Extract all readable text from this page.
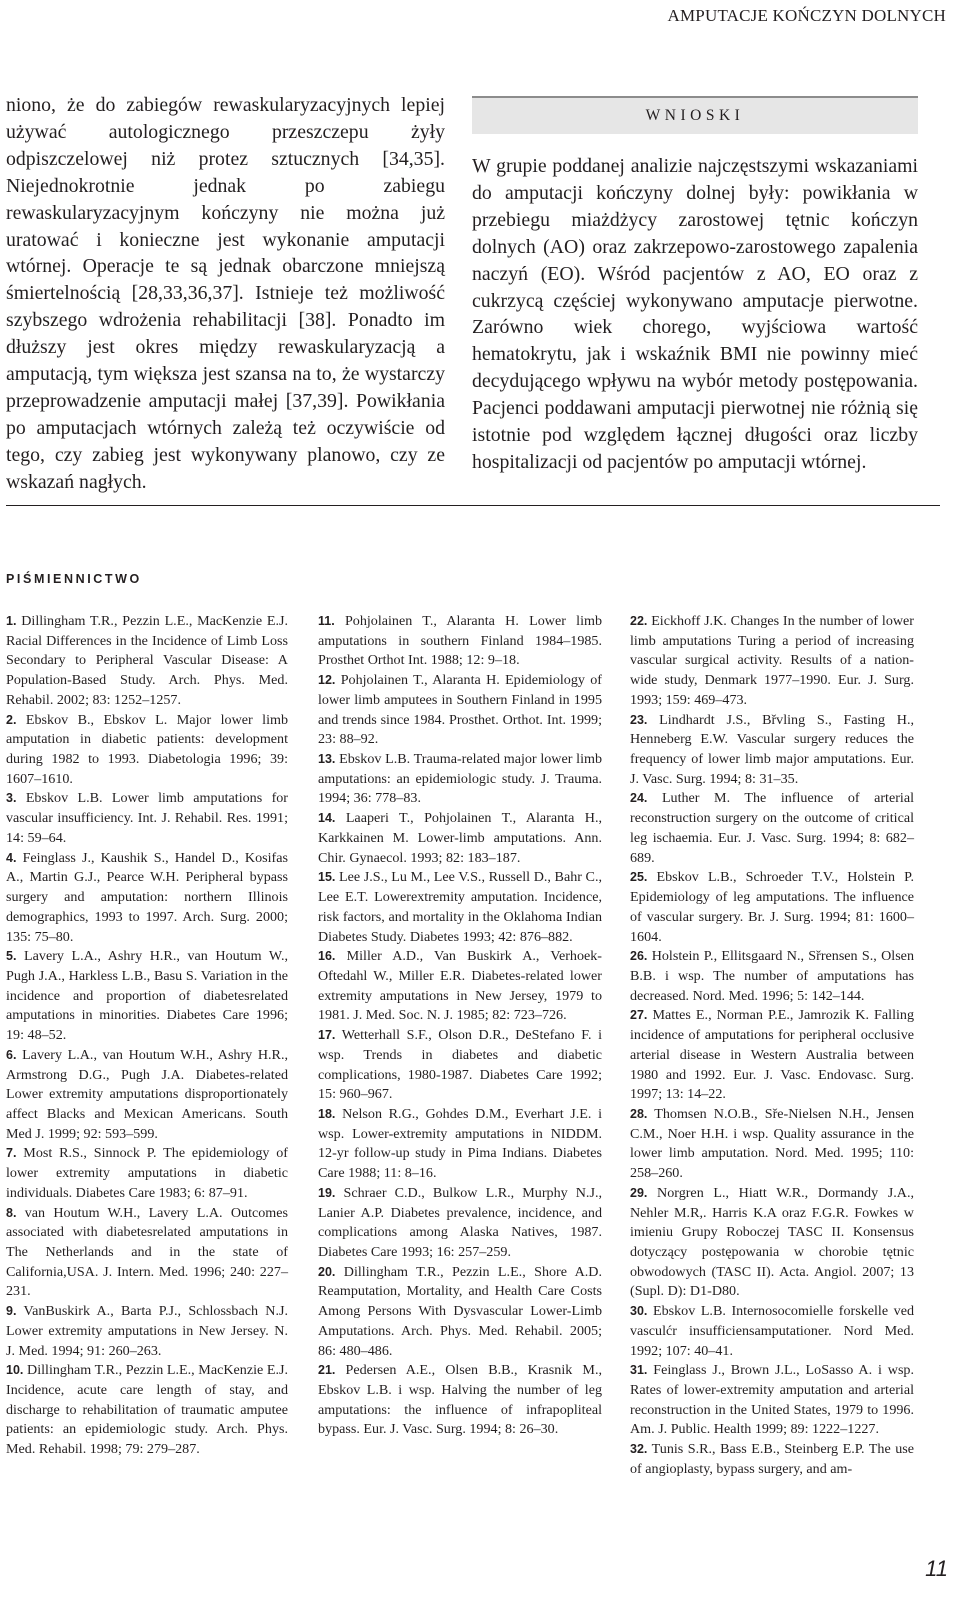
AMPUTACJE KOŃCZYN DOLNYCH
niono, że do zabiegów rewaskularyzacyjnych lepiej używać autologicznego przeszczepu żyły odpiszczelowej niż protez sztucznych [34,35]. Niejednokrotnie jednak po zabiegu rewaskularyzacyjnym kończyny nie można już uratować i konieczne jest wykonanie amputacji wtórnej. Operacje te są jednak obarczone mniejszą śmiertelnością [28,33,36,37]. Istnieje też możliwość szybszego wdrożenia rehabilitacji [38]. Ponadto im dłuższy jest okres między rewaskularyzacją a amputacją, tym większa jest szansa na to, że wystarczy przeprowadzenie amputacji małej [37,39]. Powikłania po amputacjach wtórnych zależą też oczywiście od tego, czy zabieg jest wykonywany planowo, czy ze wskazań nagłych.
WNIOSKI
W grupie poddanej analizie najczęstszymi wskazaniami do amputacji kończyny dolnej były: powikłania w przebiegu miażdżycy zarostowej tętnic kończyn dolnych (AO) oraz zakrzepowo-zarostowego zapalenia naczyń (EO). Wśród pacjentów z AO, EO oraz z cukrzycą częściej wykonywano amputacje pierwotne. Zarówno wiek chorego, wyjściowa wartość hematokrytu, jak i wskaźnik BMI nie powinny mieć decydującego wpływu na wybór metody postępowania. Pacjenci poddawani amputacji pierwotnej nie różnią się istotnie pod względem łącznej długości oraz liczby hospitalizacji od pacjentów po amputacji wtórnej.
PIŚMIENNICTWO

1. Dillingham T.R., Pezzin L.E., MacKenzie E.J. Racial Differences in the Incidence of Limb Loss Secondary to Peripheral Vascular Disease: A Population-Based Study. Arch. Phys. Med. Rehabil. 2002; 83: 1252–1257.

2. Ebskov B., Ebskov L. Major lower limb amputation in diabetic patients: development during 1982 to 1993. Diabetologia 1996; 39: 1607–1610.

3. Ebskov L.B. Lower limb amputations for vascular insufficiency. Int. J. Rehabil. Res. 1991; 14: 59–64.

4. Feinglass J., Kaushik S., Handel D., Kosifas A., Martin G.J., Pearce W.H. Peripheral bypass surgery and amputation: northern Illinois demographics, 1993 to 1997. Arch. Surg. 2000; 135: 75–80.

5. Lavery L.A., Ashry H.R., van Houtum W., Pugh J.A., Harkless L.B., Basu S. Variation in the incidence and proportion of diabetesrelated amputations in minorities. Diabetes Care 1996; 19: 48–52.

6. Lavery L.A., van Houtum W.H., Ashry H.R., Armstrong D.G., Pugh J.A. Diabetes-related Lower extremity amputations disproportionately affect Blacks and Mexican Americans. South Med J. 1999; 92: 593–599.

7. Most R.S., Sinnock P. The epidemiology of lower extremity amputations in diabetic individuals. Diabetes Care 1983; 6: 87–91.

8. van Houtum W.H., Lavery L.A. Outcomes associated with diabetesrelated amputations in The Netherlands and in the state of California,USA. J. Intern. Med. 1996; 240: 227–231.

9. VanBuskirk A., Barta P.J., Schlossbach N.J. Lower extremity amputations in New Jersey. N. J. Med. 1994; 91: 260–263.

10. Dillingham T.R., Pezzin L.E., MacKenzie E.J. Incidence, acute care length of stay, and discharge to rehabilitation of traumatic amputee patients: an epidemiologic study. Arch. Phys. Med. Rehabil. 1998; 79: 279–287.

11. Pohjolainen T., Alaranta H. Lower limb amputations in southern Finland 1984–1985. Prosthet Orthot Int. 1988; 12: 9–18.

12. Pohjolainen T., Alaranta H. Epidemiology of lower limb amputees in Southern Finland in 1995 and trends since 1984. Prosthet. Orthot. Int. 1999; 23: 88–92.

13. Ebskov L.B. Trauma-related major lower limb amputations: an epidemiologic study. J. Trauma. 1994; 36: 778–83.

14. Laaperi T., Pohjolainen T., Alaranta H., Karkkainen M. Lower-limb amputations. Ann. Chir. Gynaecol. 1993; 82: 183–187.

15. Lee J.S., Lu M., Lee V.S., Russell D., Bahr C., Lee E.T. Lowerextremity amputation. Incidence, risk factors, and mortality in the Oklahoma Indian Diabetes Study. Diabetes 1993; 42: 876–882.

16. Miller A.D., Van Buskirk A., Verhoek-Oftedahl W., Miller E.R. Diabetes-related lower extremity amputations in New Jersey, 1979 to 1981. J. Med. Soc. N. J. 1985; 82: 723–726.

17. Wetterhall S.F., Olson D.R., DeStefano F. i wsp. Trends in diabetes and diabetic complications, 1980-1987. Diabetes Care 1992; 15: 960–967.

18. Nelson R.G., Gohdes D.M., Everhart J.E. i wsp. Lower-extremity amputations in NIDDM. 12-yr follow-up study in Pima Indians. Diabetes Care 1988; 11: 8–16.

19. Schraer C.D., Bulkow L.R., Murphy N.J., Lanier A.P. Diabetes prevalence, incidence, and complications among Alaska Natives, 1987. Diabetes Care 1993; 16: 257–259.

20. Dillingham T.R., Pezzin L.E., Shore A.D. Reamputation, Mortality, and Health Care Costs Among Persons With Dysvascular Lower-Limb Amputations. Arch. Phys. Med. Rehabil. 2005; 86: 480–486.

21. Pedersen A.E., Olsen B.B., Krasnik M., Ebskov L.B. i wsp. Halving the number of leg amputations: the influence of infrapopliteal bypass. Eur. J. Vasc. Surg. 1994; 8: 26–30.

22. Eickhoff J.K. Changes In the number of lower limb amputations Turing a period of increasing vascular surgical activity. Results of a nation-wide study, Denmark 1977–1990. Eur. J. Surg. 1993; 159: 469–473.

23. Lindhardt J.S., Břvling S., Fasting H., Henneberg E.W. Vascular surgery reduces the frequency of lower limb major amputations. Eur. J. Vasc. Surg. 1994; 8: 31–35.

24. Luther M. The influence of arterial reconstruction surgery on the outcome of critical leg ischaemia. Eur. J. Vasc. Surg. 1994; 8: 682–689.

25. Ebskov L.B., Schroeder T.V., Holstein P. Epidemiology of leg amputations. The influence of vascular surgery. Br. J. Surg. 1994; 81: 1600–1604.

26. Holstein P., Ellitsgaard N., Sřrensen S., Olsen B.B. i wsp. The number of amputations has decreased. Nord. Med. 1996; 5: 142–144.

27. Mattes E., Norman P.E., Jamrozik K. Falling incidence of amputations for peripheral occlusive arterial disease in Western Australia between 1980 and 1992. Eur. J. Vasc. Endovasc. Surg. 1997; 13: 14–22.

28. Thomsen N.O.B., Sře-Nielsen N.H., Jensen C.M., Noer H.H. i wsp. Quality assurance in the lower limb amputation. Nord. Med. 1995; 110: 258–260.

29. Norgren L., Hiatt W.R., Dormandy J.A., Nehler M.R,. Harris K.A oraz F.G.R. Fowkes w imieniu Grupy Roboczej TASC II. Konsensus dotyczący postępowania w chorobie tętnic obwodowych (TASC II). Acta. Angiol. 2007; 13 (Supl. D): D1-D80.

30. Ebskov L.B. Internosocomielle forskelle ved vasculćr insufficiensamputationer. Nord Med. 1992; 107: 40–41.

31. Feinglass J., Brown J.L., LoSasso A. i wsp. Rates of lower-extremity amputation and arterial reconstruction in the United States, 1979 to 1996. Am. J. Public. Health 1999; 89: 1222–1227.

32. Tunis S.R., Bass E.B., Steinberg E.P. The use of angioplasty, bypass surgery, and am-

11
